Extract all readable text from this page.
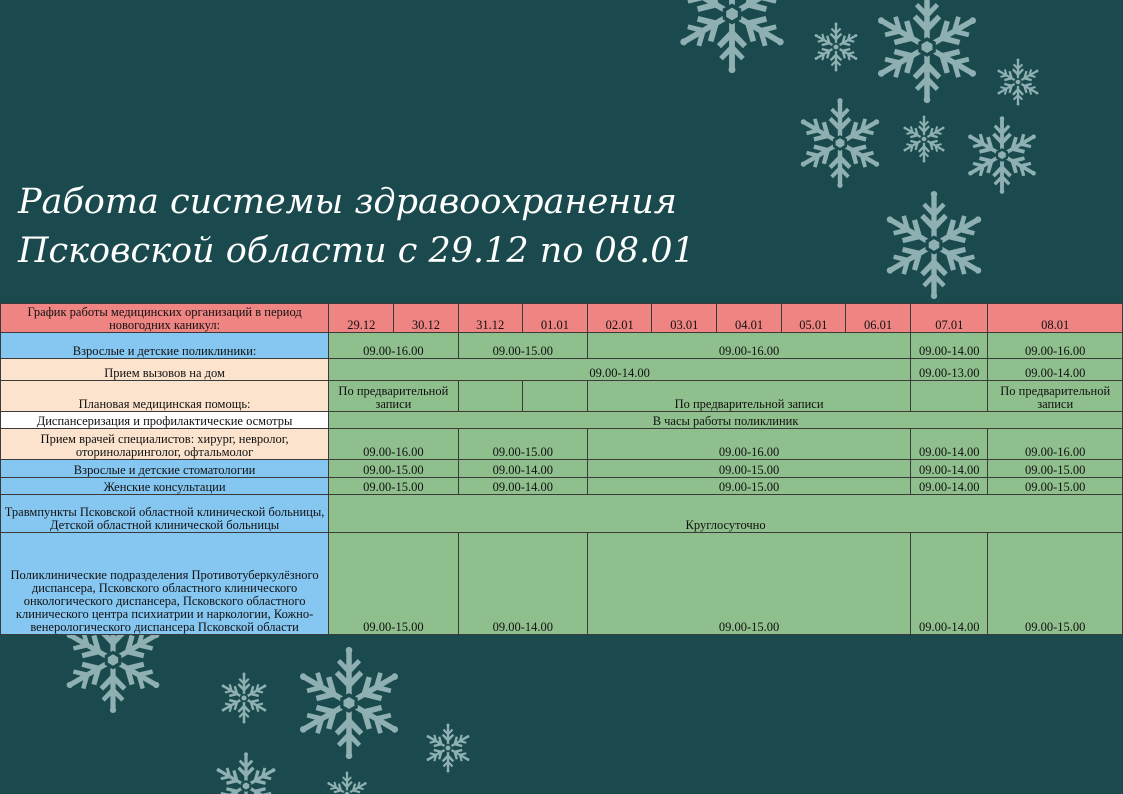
Работа системы здравоохранения
Псковской области с 29.12 по 08.01
График работы медицинских организаций в период новогодних каникул:	29.12	30.12	31.12	01.01	02.01	03.01	04.01	05.01	06.01	07.01	08.01
Взрослые и детские поликлиники:	09.00-16.00		09.00-15.00		09.00-16.00					09.00-14.00	09.00-16.00
Прием вызовов на дом	09.00-14.00									09.00-13.00	09.00-14.00
Плановая медицинская помощь:	По предварительной записи				По предварительной записи						По предварительной записи
Диспансеризация и профилактические осмотры	В часы работы поликлиник										
Прием врачей специалистов: хирург, невролог, оториноларинголог, офтальмолог	09.00-16.00		09.00-15.00		09.00-16.00					09.00-14.00	09.00-16.00
Взрослые и детские стоматологии	09.00-15.00		09.00-14.00		09.00-15.00					09.00-14.00	09.00-15.00
Женские консультации	09.00-15.00		09.00-14.00		09.00-15.00					09.00-14.00	09.00-15.00
Травмпункты Псковской областной клинической больницы, Детской областной клинической больницы	Круглосуточно										
Поликлинические подразделения Противотуберкулёзного диспансера, Псковского областного клинического онкологического диспансера, Псковского областного клинического центра психиатрии и наркологии, Кожно-венерологического диспансера Псковской области	09.00-15.00		09.00-14.00		09.00-15.00					09.00-14.00	09.00-15.00
